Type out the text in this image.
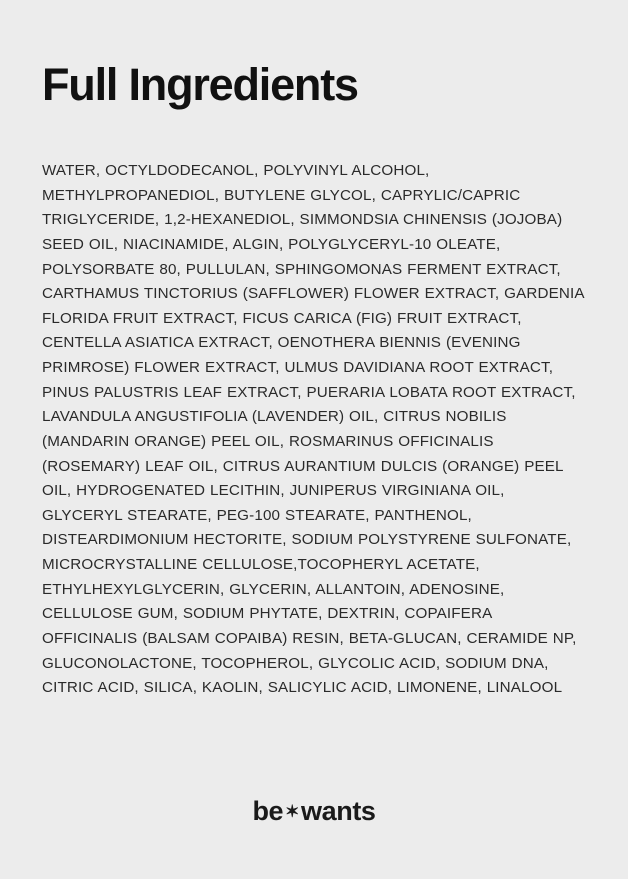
Full Ingredients
WATER, OCTYLDODECANOL, POLYVINYL ALCOHOL, METHYLPROPANEDIOL, BUTYLENE GLYCOL, CAPRYLIC/CAPRIC TRIGLYCERIDE, 1,2-HEXANEDIOL, SIMMONDSIA CHINENSIS (JOJOBA) SEED OIL, NIACINAMIDE, ALGIN, POLYGLYCERYL-10 OLEATE, POLYSORBATE 80, PULLULAN, SPHINGOMONAS FERMENT EXTRACT, CARTHAMUS TINCTORIUS (SAFFLOWER) FLOWER EXTRACT, GARDENIA FLORIDA FRUIT EXTRACT, FICUS CARICA (FIG) FRUIT EXTRACT, CENTELLA ASIATICA EXTRACT, OENOTHERA BIENNIS (EVENING PRIMROSE) FLOWER EXTRACT, ULMUS DAVIDIANA ROOT EXTRACT, PINUS PALUSTRIS LEAF EXTRACT, PUERARIA LOBATA ROOT EXTRACT, LAVANDULA ANGUSTIFOLIA (LAVENDER) OIL, CITRUS NOBILIS (MANDARIN ORANGE) PEEL OIL, ROSMARINUS OFFICINALIS (ROSEMARY) LEAF OIL, CITRUS AURANTIUM DULCIS (ORANGE) PEEL OIL, HYDROGENATED LECITHIN, JUNIPERUS VIRGINIANA OIL, GLYCERYL STEARATE, PEG-100 STEARATE, PANTHENOL, DISTEARDIMONIUM HECTORITE, SODIUM POLYSTYRENE SULFONATE, MICROCRYSTALLINE CELLULOSE,TOCOPHERYL ACETATE, ETHYLHEXYLGLYCERIN, GLYCERIN, ALLANTOIN, ADENOSINE, CELLULOSE GUM, SODIUM PHYTATE, DEXTRIN, COPAIFERA OFFICINALIS (BALSAM COPAIBA) RESIN, BETA-GLUCAN, CERAMIDE NP, GLUCONOLACTONE, TOCOPHEROL, GLYCOLIC ACID, SODIUM DNA, CITRIC ACID, SILICA, KAOLIN, SALICYLIC ACID, LIMONENE, LINALOOL
be ✶wants
